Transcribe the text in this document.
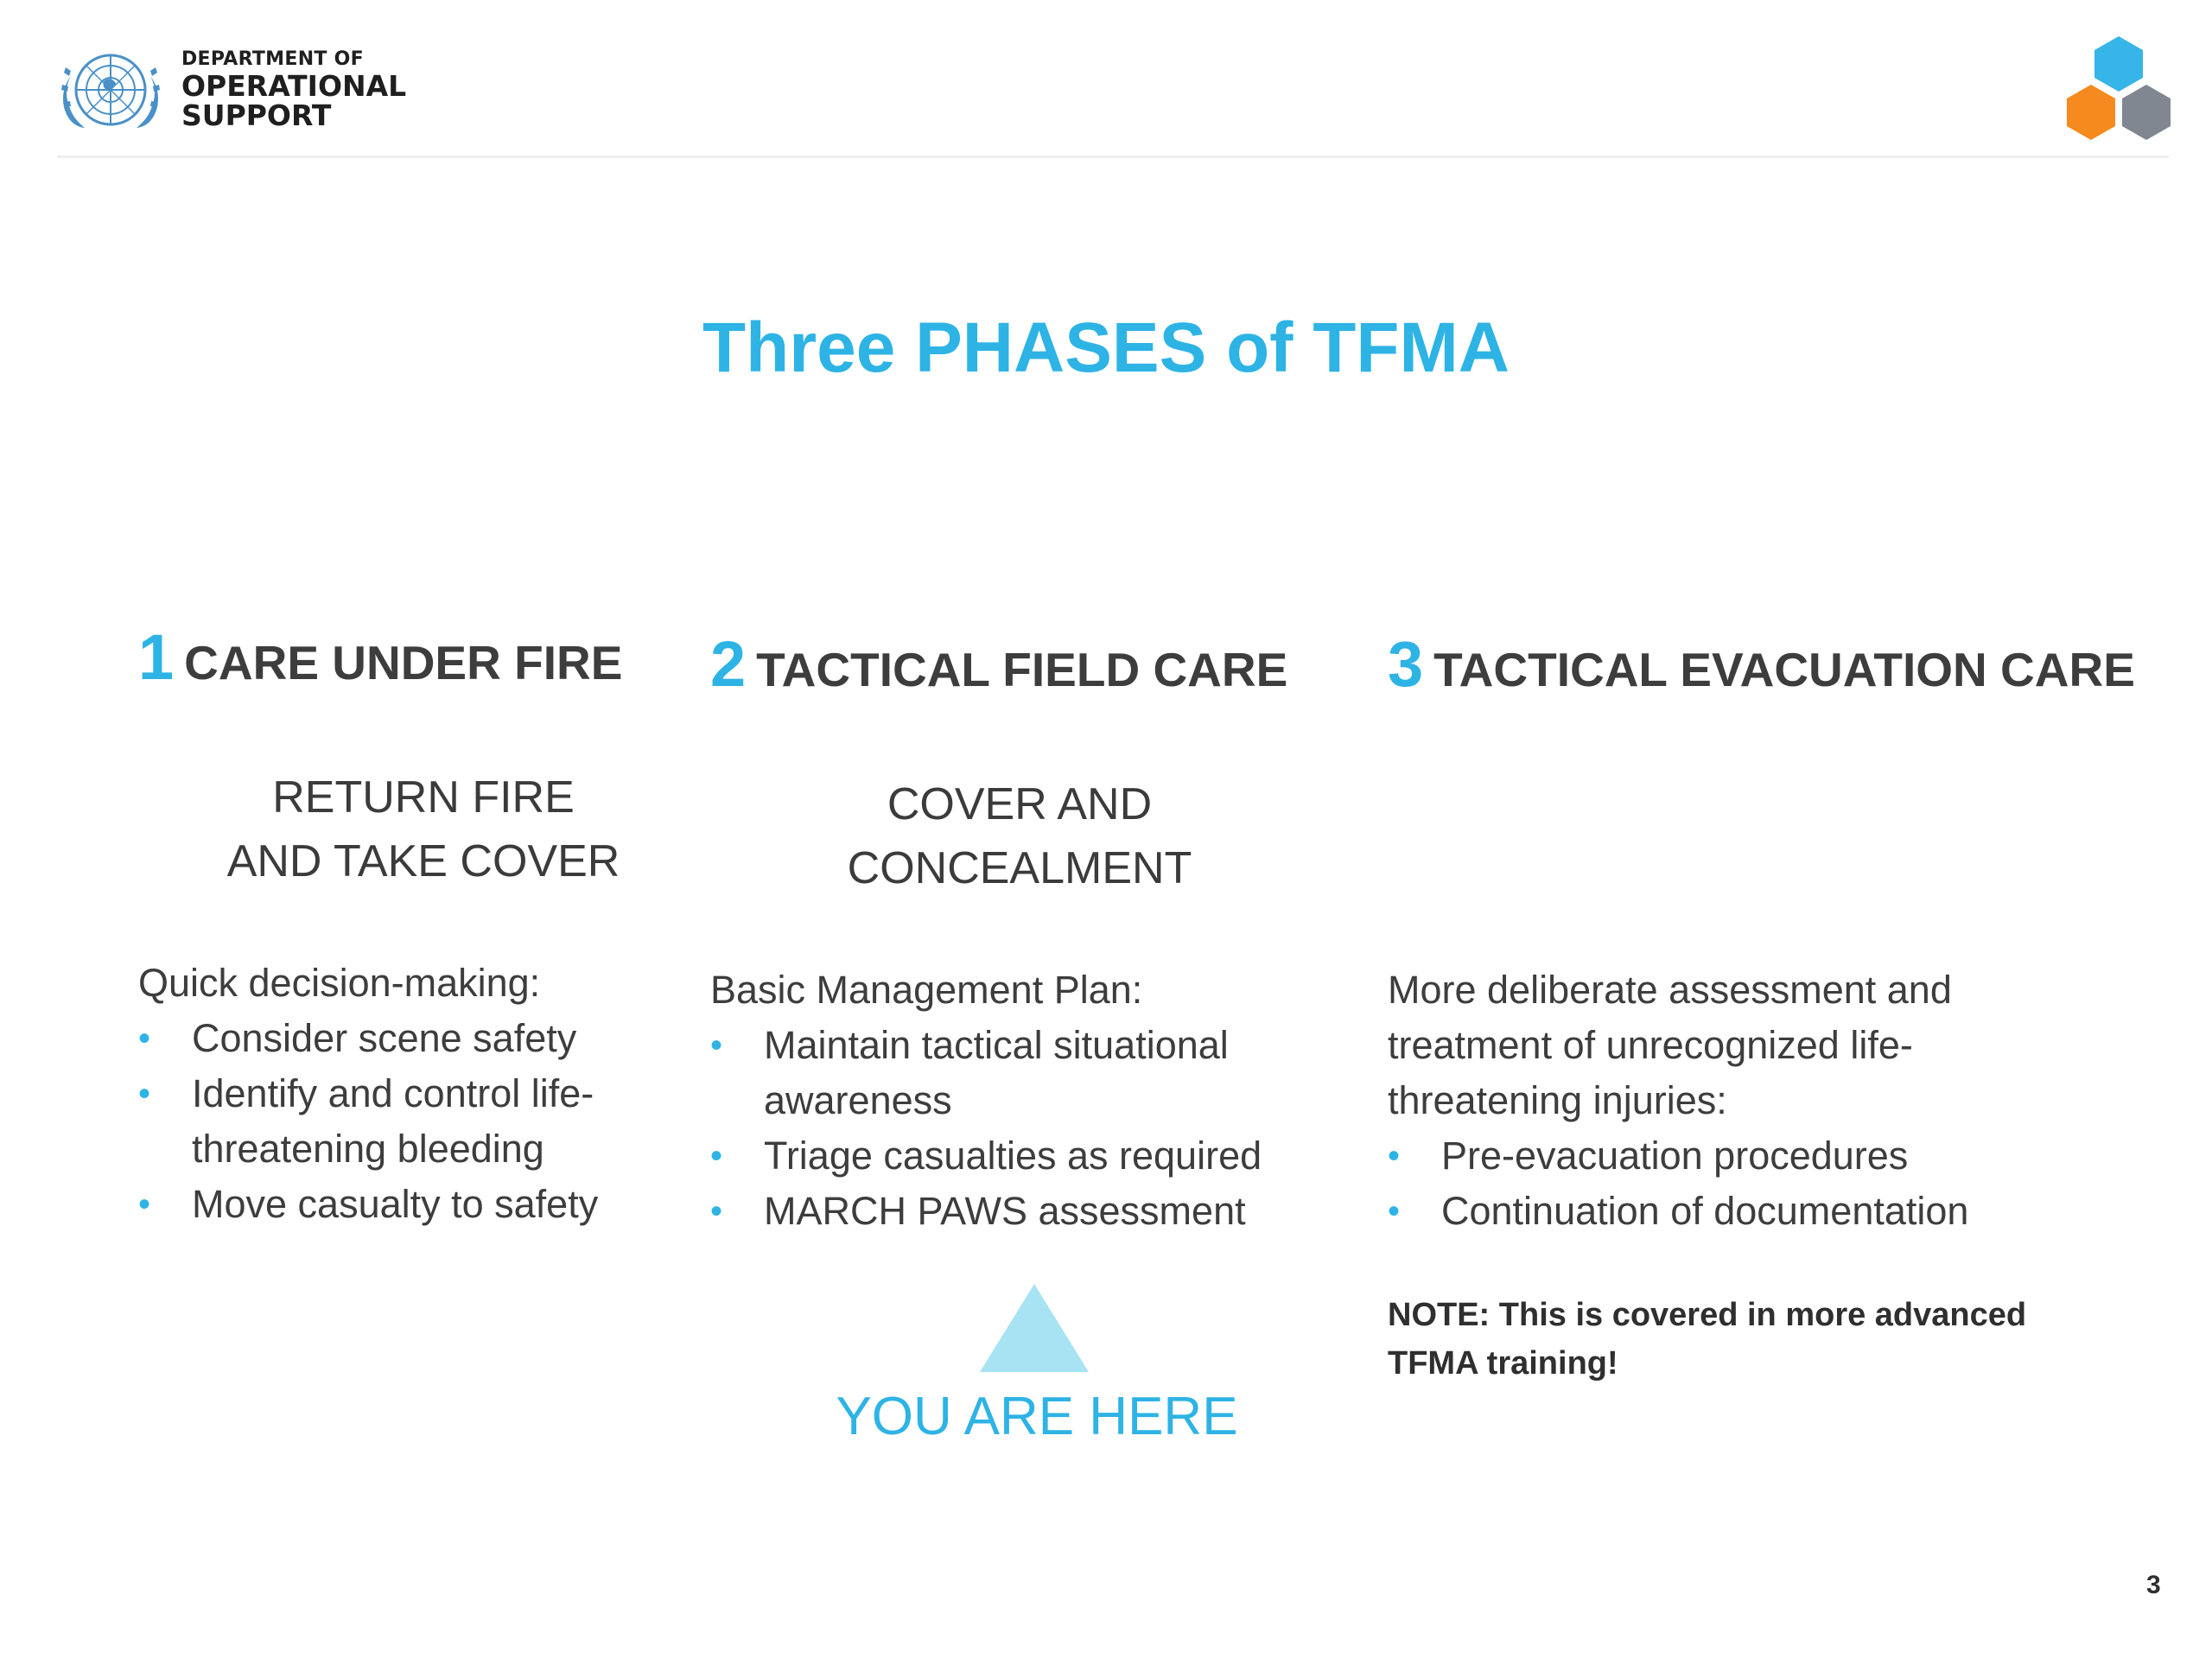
DEPARTMENT OF
OPERATIONAL
SUPPORT
Three PHASES of TFMA
1 CARE UNDER FIRE
RETURN FIRE
AND TAKE COVER
Quick decision-making:
• Consider scene safety
• Identify and control life-
threatening bleeding
• Move casualty to safety
2 TACTICAL FIELD CARE
COVER AND
CONCEALMENT
Basic Management Plan:
• Maintain tactical situational
awareness
• Triage casualties as required
• MARCH PAWS assessment
YOU ARE HERE
3 TACTICAL EVACUATION CARE
More deliberate assessment and
treatment of unrecognized life-
threatening injuries:
• Pre-evacuation procedures
• Continuation of documentation
NOTE: This is covered in more advanced
TFMA training!
3
